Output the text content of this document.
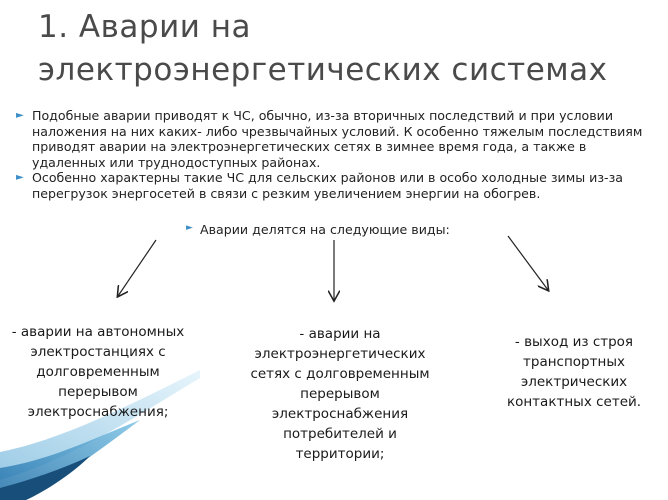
1. Аварии на электроэнергетических системах
► Подобные аварии приводят к ЧС, обычно, из-за вторичных последствий и при условии наложения на них каких- либо чрезвычайных условий. К особенно тяжелым последствиям приводят аварии на электроэнергетических сетях в зимнее время года, а также в удаленных или труднодоступных районах.
► Особенно характерны такие ЧС для сельских районов или в особо холодные зимы из-за перегрузок энергосетей в связи с резким увеличением энергии на обогрев.
► Аварии делятся на следующие виды:
- аварии на автономных электростанциях с долговременным перерывом электроснабжения;
- аварии на электроэнергетических сетях с долговременным перерывом электроснабжения потребителей и территории;
- выход из строя транспортных электрических контактных сетей.
